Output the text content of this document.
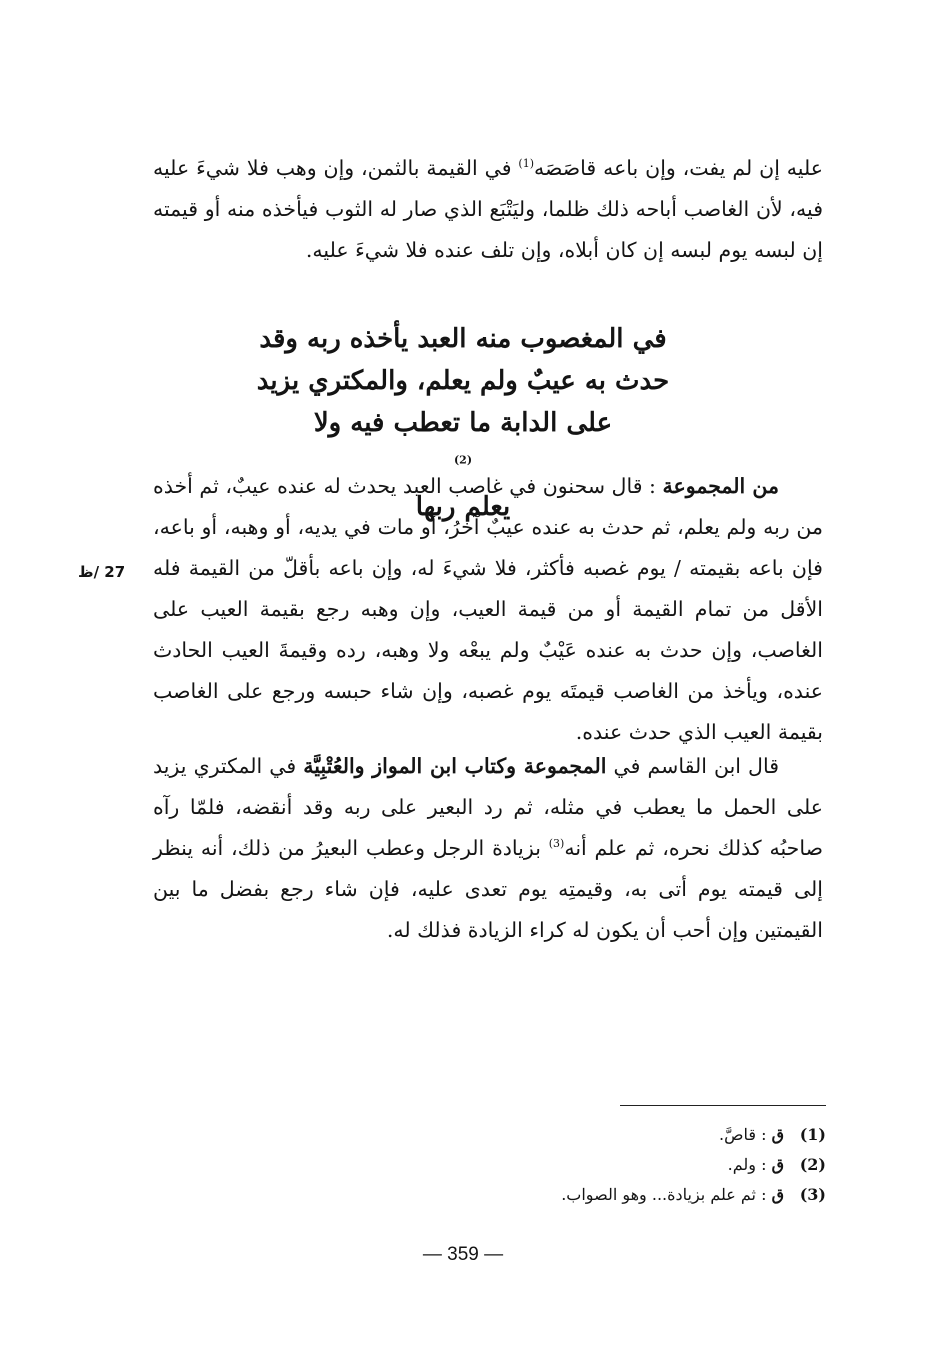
عليه إن لم يفت، وإن باعه قاصَصَه$^{(1)}$ في القيمة بالثمن، وإن وهب فلا شيءَ عليه فيه، لأن الغاصب أباحه ذلك ظلما، وليَتْبَع الذي صار له الثوب فيأخذه منه أو قيمته إن لبسه يوم لبسه إن كان أبلاه، وإن تلف عنده فلا شيءَ عليه.

في المغصوب منه العبد يأخذه ربه وقد
حدث به عيبٌ ولم يعلم، والمكتري يزيد
على الدابة ما تعطب فيه ولا
$^{(2)}$
يعلم ربها

من المجموعة : قال سحنون في غاصب العبد يحدث له عنده عيبٌ، ثم أخذه من ربه ولم يعلم، ثم حدث به عنده عيبٌ آخرُ، أو مات في يديه، أو وهبه، أو باعه، فإن باعه بقيمته / يوم غصبه فأكثر، فلا شيءَ له، وإن باعه بأقلّ من القيمة فله الأقل من تمام القيمة أو من قيمة العيب، وإن وهبه رجع بقيمة العيب على الغاصب، وإن حدث به عنده عَيْبٌ ولم يبعْه ولا وهبه، رده وقيمةَ العيب الحادث عنده، ويأخذ من الغاصب قيمتَه يوم غصبه، وإن شاء حبسه ورجع على الغاصب بقيمة العيب الذي حدث عنده.

27 /ظ

قال ابن القاسم في المجموعة وكتاب ابن المواز والعُتْبِيَّة في المكتري يزيد على الحمل ما يعطب في مثله، ثم رد البعير على ربه وقد أنقضه، فلمّا رآه صاحبُه كذلك نحره، ثم علم أنه$^{(3)}$ بزيادة الرجل وعطب البعيرُ من ذلك، أنه ينظر إلى قيمته يوم أتى به، وقيمتِه يوم تعدى عليه، فإن شاء رجع بفضل ما بين القيمتين وإن أحب أن يكون له كراء الزيادة فذلك له.

(1)
ق : قاصَّ.
(2)
ق : ولم.
(3)
ق : ثم علم بزيادة... وهو الصواب.
— 359 —
